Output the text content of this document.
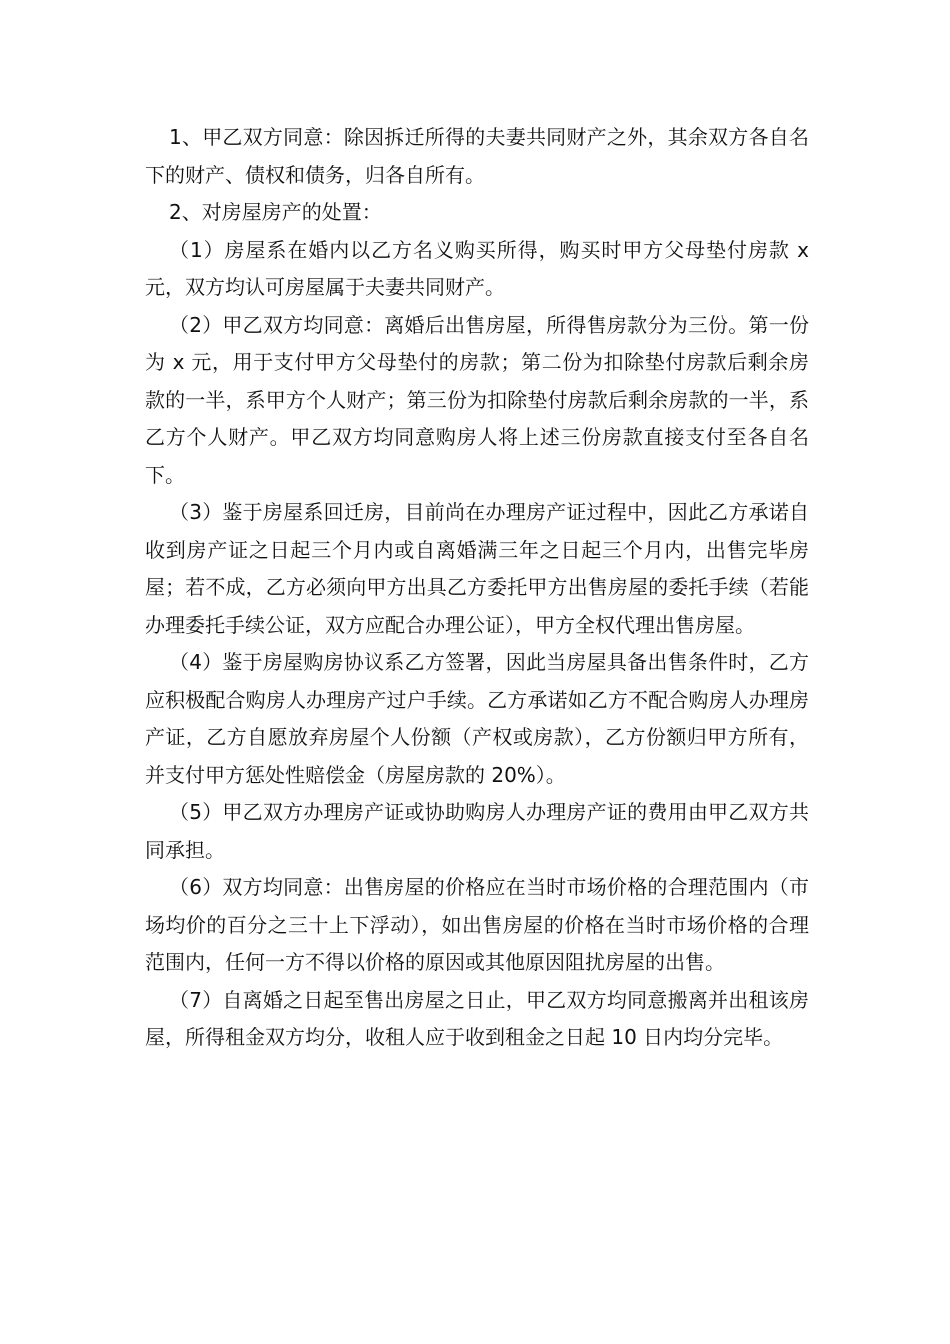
1、甲乙双方同意：除因拆迁所得的夫妻共同财产之外，其余双方各自名下的财产、债权和债务，归各自所有。

2、对房屋房产的处置：

（1）房屋系在婚内以乙方名义购买所得，购买时甲方父母垫付房款 x 元，双方均认可房屋属于夫妻共同财产。

（2）甲乙双方均同意：离婚后出售房屋，所得售房款分为三份。第一份为 x 元，用于支付甲方父母垫付的房款；第二份为扣除垫付房款后剩余房款的一半，系甲方个人财产；第三份为扣除垫付房款后剩余房款的一半，系乙方个人财产。甲乙双方均同意购房人将上述三份房款直接支付至各自名下。

（3）鉴于房屋系回迁房，目前尚在办理房产证过程中，因此乙方承诺自收到房产证之日起三个月内或自离婚满三年之日起三个月内，出售完毕房屋；若不成，乙方必须向甲方出具乙方委托甲方出售房屋的委托手续（若能办理委托手续公证，双方应配合办理公证），甲方全权代理出售房屋。

（4）鉴于房屋购房协议系乙方签署，因此当房屋具备出售条件时，乙方应积极配合购房人办理房产过户手续。乙方承诺如乙方不配合购房人办理房产证，乙方自愿放弃房屋个人份额（产权或房款），乙方份额归甲方所有，并支付甲方惩处性赔偿金（房屋房款的 20%）。

（5）甲乙双方办理房产证或协助购房人办理房产证的费用由甲乙双方共同承担。

（6）双方均同意：出售房屋的价格应在当时市场价格的合理范围内（市场均价的百分之三十上下浮动），如出售房屋的价格在当时市场价格的合理范围内，任何一方不得以价格的原因或其他原因阻扰房屋的出售。

（7）自离婚之日起至售出房屋之日止，甲乙双方均同意搬离并出租该房屋，所得租金双方均分，收租人应于收到租金之日起 10 日内均分完毕。
